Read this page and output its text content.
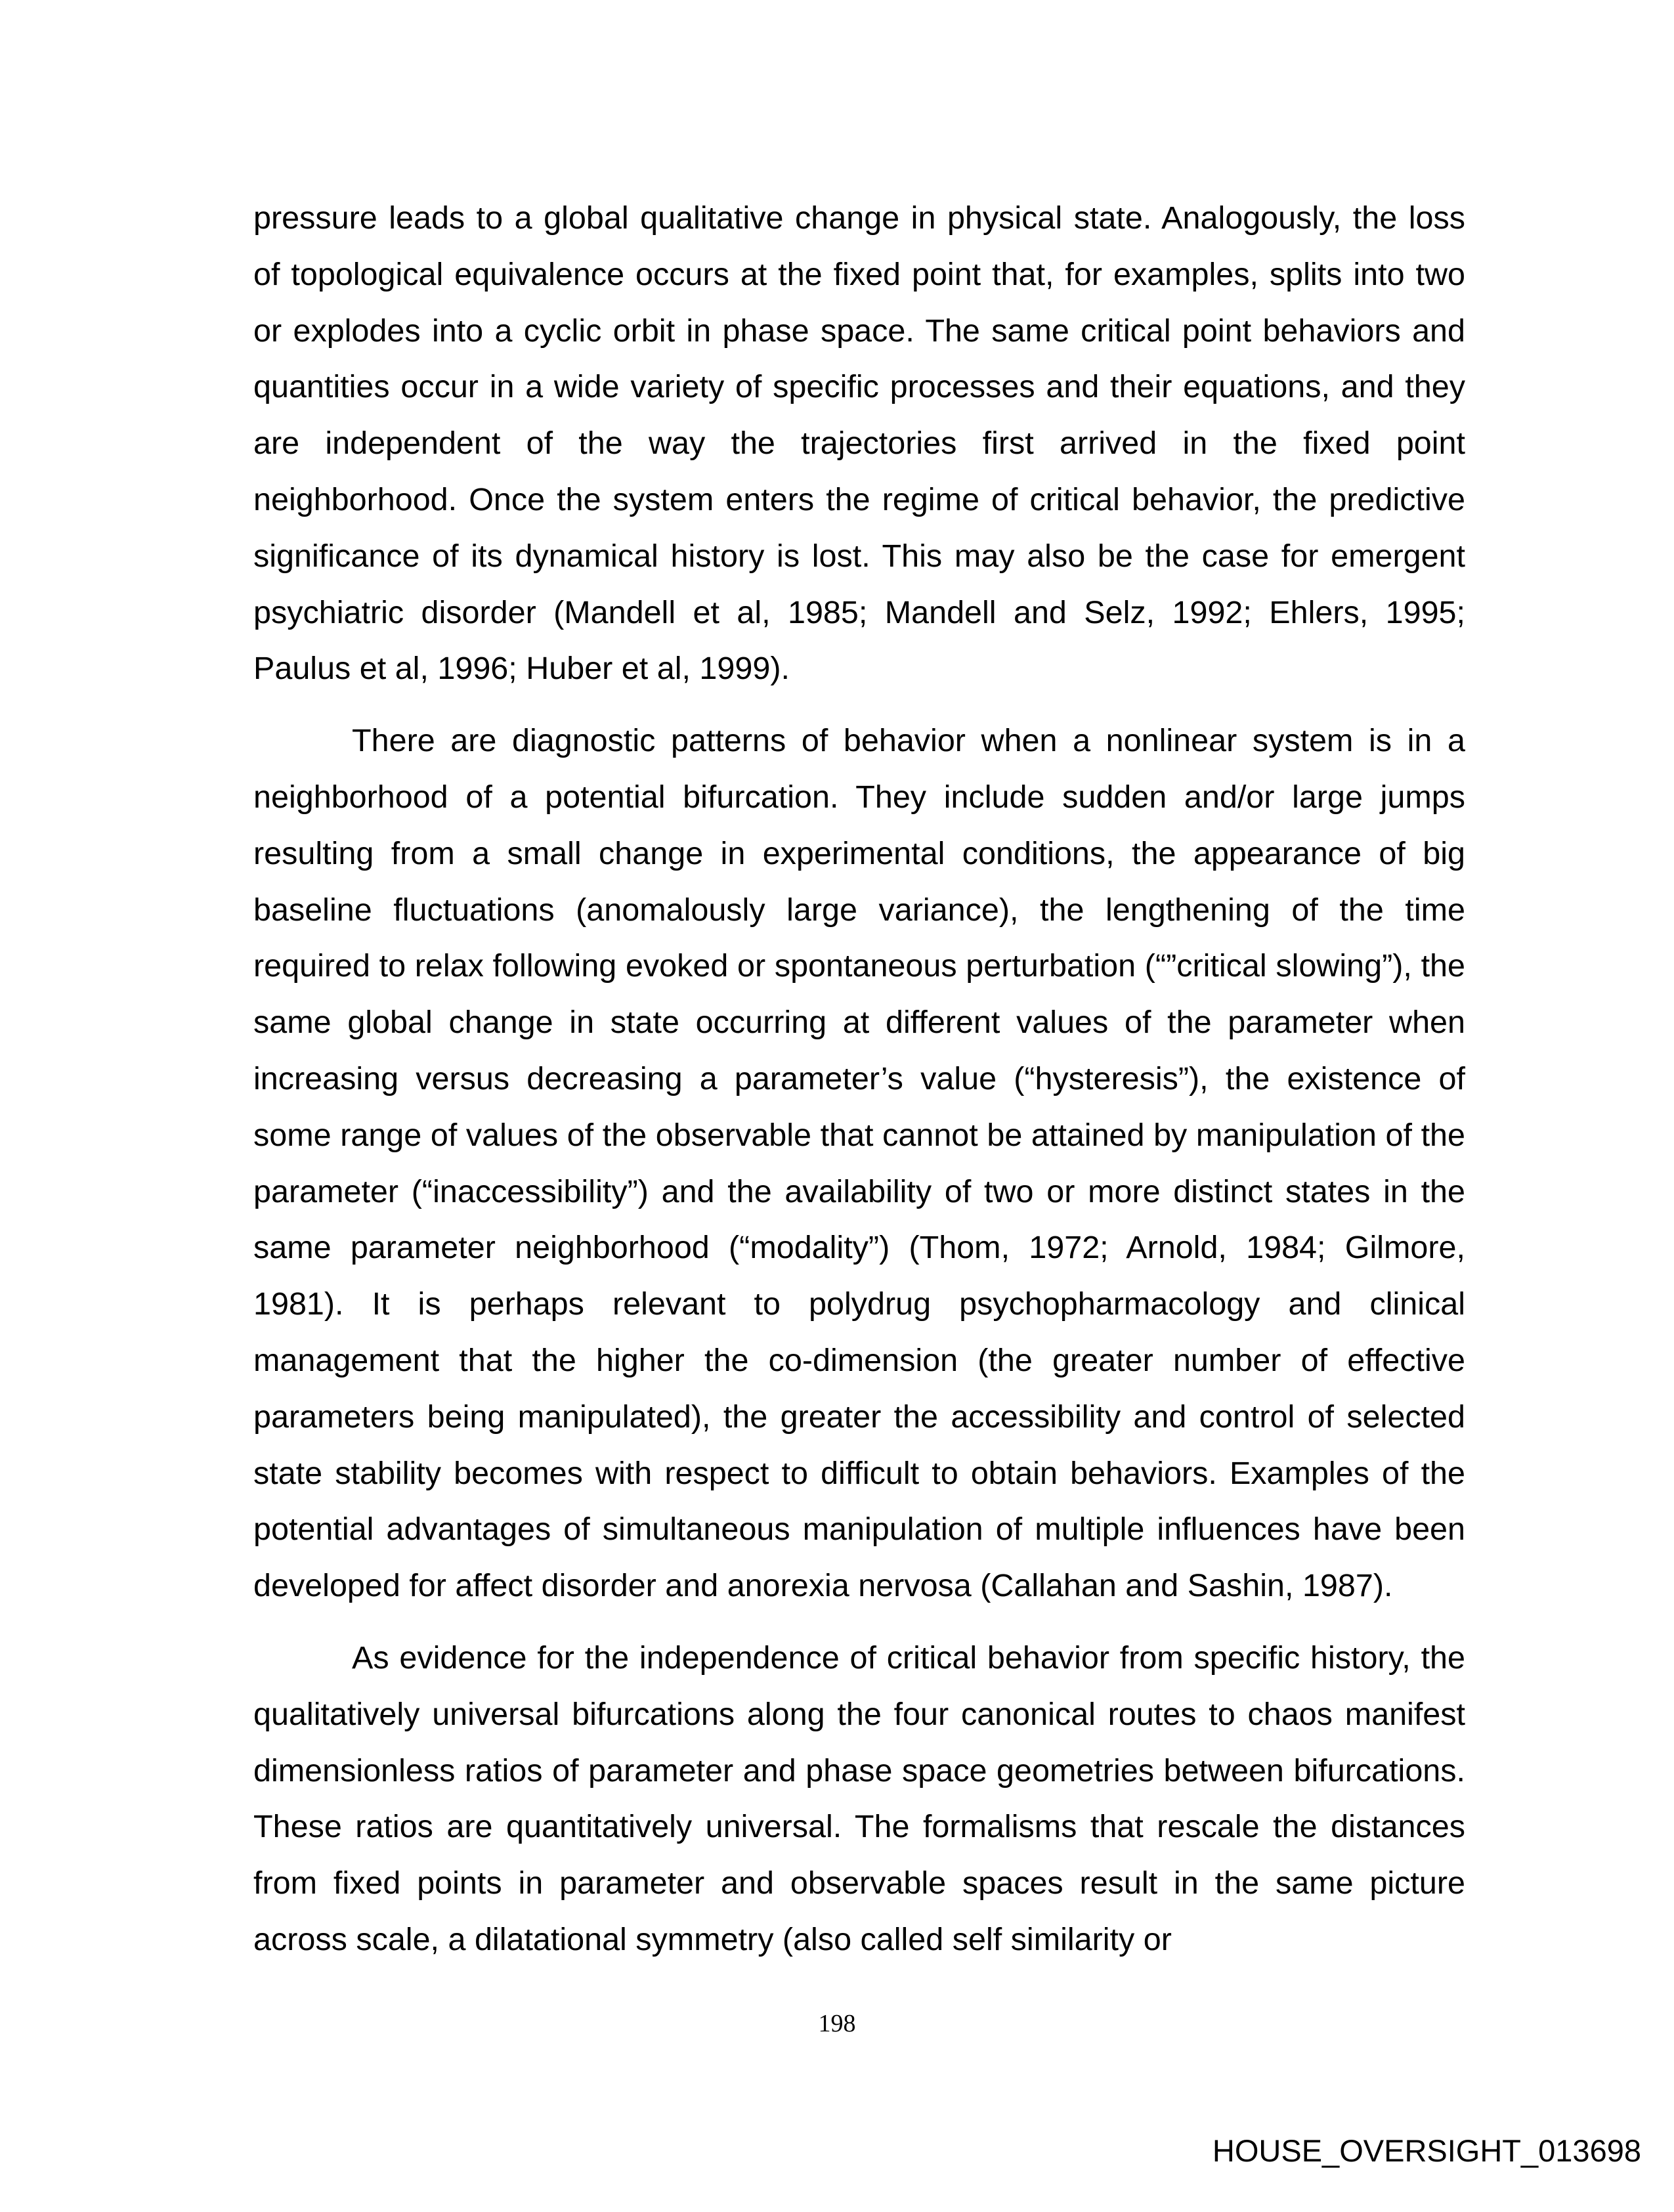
pressure leads to a global qualitative change in physical state. Analogously, the loss of topological equivalence occurs at the fixed point that, for examples, splits into two or explodes into a cyclic orbit in phase space. The same critical point behaviors and quantities occur in a wide variety of specific processes and their equations, and they are independent of the way the trajectories first arrived in the fixed point neighborhood. Once the system enters the regime of critical behavior, the predictive significance of its dynamical history is lost. This may also be the case for emergent psychiatric disorder (Mandell et al, 1985; Mandell and Selz, 1992; Ehlers, 1995; Paulus et al, 1996; Huber et al, 1999).

There are diagnostic patterns of behavior when a nonlinear system is in a neighborhood of a potential bifurcation. They include sudden and/or large jumps resulting from a small change in experimental conditions, the appearance of big baseline fluctuations (anomalously large variance), the lengthening of the time required to relax following evoked or spontaneous perturbation (“”critical slowing”), the same global change in state occurring at different values of the parameter when increasing versus decreasing a parameter’s value (“hysteresis”), the existence of some range of values of the observable that cannot be attained by manipulation of the parameter (“inaccessibility”) and the availability of two or more distinct states in the same parameter neighborhood (“modality”) (Thom, 1972; Arnold, 1984; Gilmore, 1981). It is perhaps relevant to polydrug psychopharmacology and clinical management that the higher the co-dimension (the greater number of effective parameters being manipulated), the greater the accessibility and control of selected state stability becomes with respect to difficult to obtain behaviors. Examples of the potential advantages of simultaneous manipulation of multiple influences have been developed for affect disorder and anorexia nervosa (Callahan and Sashin, 1987).

As evidence for the independence of critical behavior from specific history, the qualitatively universal bifurcations along the four canonical routes to chaos manifest dimensionless ratios of parameter and phase space geometries between bifurcations. These ratios are quantitatively universal. The formalisms that rescale the distances from fixed points in parameter and observable spaces result in the same picture across scale, a dilatational symmetry (also called self similarity or

198
HOUSE_OVERSIGHT_013698
